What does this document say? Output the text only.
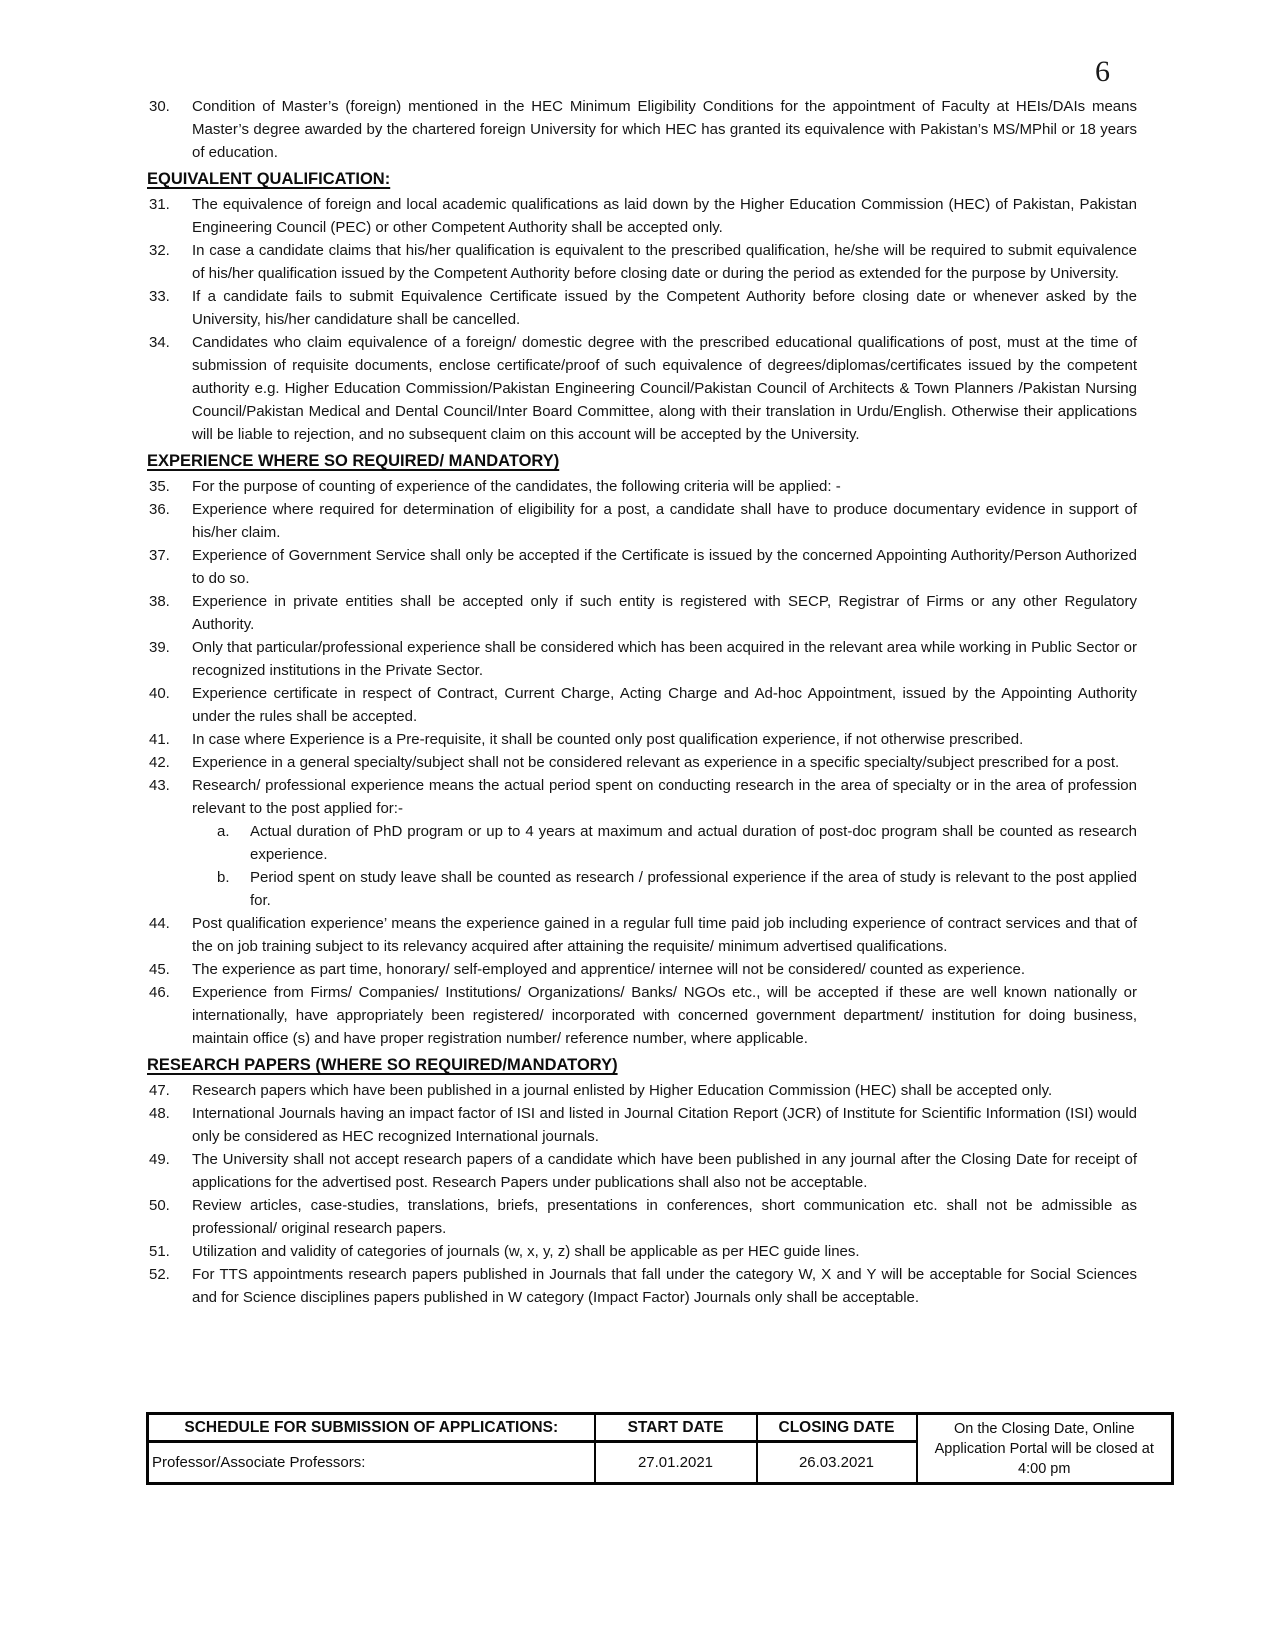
6
30.	Condition of Master’s (foreign) mentioned in the HEC Minimum Eligibility Conditions for the appointment of Faculty at HEIs/DAIs means Master’s degree awarded by the chartered foreign University for which HEC has granted its equivalence with Pakistan’s MS/MPhil or 18 years of education.
EQUIVALENT QUALIFICATION:
31.	The equivalence of foreign and local academic qualifications as laid down by the Higher Education Commission (HEC) of Pakistan, Pakistan Engineering Council (PEC) or other Competent Authority shall be accepted only.
32.	In case a candidate claims that his/her qualification is equivalent to the prescribed qualification, he/she will be required to submit equivalence of his/her qualification issued by the Competent Authority before closing date or during the period as extended for the purpose by University.
33.	If a candidate fails to submit Equivalence Certificate issued by the Competent Authority before closing date or whenever asked by the University, his/her candidature shall be cancelled.
34.	Candidates who claim equivalence of a foreign/ domestic degree with the prescribed educational qualifications of post, must at the time of submission of requisite documents, enclose certificate/proof of such equivalence of degrees/diplomas/certificates issued by the competent authority e.g. Higher Education Commission/Pakistan Engineering Council/Pakistan Council of Architects & Town Planners /Pakistan Nursing Council/Pakistan Medical and Dental Council/Inter Board Committee, along with their translation in Urdu/English. Otherwise their applications will be liable to rejection, and no subsequent claim on this account will be accepted by the University.
EXPERIENCE WHERE SO REQUIRED/ MANDATORY)
35.	For the purpose of counting of experience of the candidates, the following criteria will be applied: -
36.	Experience where required for determination of eligibility for a post, a candidate shall have to produce documentary evidence in support of his/her claim.
37.	Experience of Government Service shall only be accepted if the Certificate is issued by the concerned Appointing Authority/Person Authorized to do so.
38.	Experience in private entities shall be accepted only if such entity is registered with SECP, Registrar of Firms or any other Regulatory Authority.
39.	Only that particular/professional experience shall be considered which has been acquired in the relevant area while working in Public Sector or recognized institutions in the Private Sector.
40.	Experience certificate in respect of Contract, Current Charge, Acting Charge and Ad-hoc Appointment, issued by the Appointing Authority under the rules shall be accepted.
41.	In case where Experience is a Pre-requisite, it shall be counted only post qualification experience, if not otherwise prescribed.
42.	Experience in a general specialty/subject shall not be considered relevant as experience in a specific specialty/subject prescribed for a post.
43.	Research/ professional experience means the actual period spent on conducting research in the area of specialty or in the area of profession relevant to the post applied for:-
a.	Actual duration of PhD program or up to 4 years at maximum and actual duration of post-doc program shall be counted as research experience.
b.	Period spent on study leave shall be counted as research / professional experience if the area of study is relevant to the post applied for.
44.	Post qualification experience’ means the experience gained in a regular full time paid job including experience of contract services and that of the on job training subject to its relevancy acquired after attaining the requisite/ minimum advertised qualifications.
45.	The experience as part time, honorary/ self-employed and apprentice/ internee will not be considered/ counted as experience.
46.	Experience from Firms/ Companies/ Institutions/ Organizations/ Banks/ NGOs etc., will be accepted if these are well known nationally or internationally, have appropriately been registered/ incorporated with concerned government department/ institution for doing business, maintain office (s) and have proper registration number/ reference number, where applicable.
RESEARCH PAPERS (WHERE SO REQUIRED/MANDATORY)
47.	Research papers which have been published in a journal enlisted by Higher Education Commission (HEC) shall be accepted only.
48.	International Journals having an impact factor of ISI and listed in Journal Citation Report (JCR) of Institute for Scientific Information (ISI) would only be considered as HEC recognized International journals.
49.	The University shall not accept research papers of a candidate which have been published in any journal after the Closing Date for receipt of applications for the advertised post. Research Papers under publications shall also not be acceptable.
50.	Review articles, case-studies, translations, briefs, presentations in conferences, short communication etc. shall not be admissible as professional/ original research papers.
51.	Utilization and validity of categories of journals (w, x, y, z) shall be applicable as per HEC guide lines.
52.	For TTS appointments research papers published in Journals that fall under the category W, X and Y will be acceptable for Social Sciences and for Science disciplines papers published in W category (Impact Factor) Journals only shall be acceptable.
SCHEDULE FOR SUBMISSION OF APPLICATIONS:	START DATE	CLOSING DATE	On the Closing Date, Online Application Portal will be closed at 4:00 pm
Professor/Associate Professors:	27.01.2021	26.03.2021	
